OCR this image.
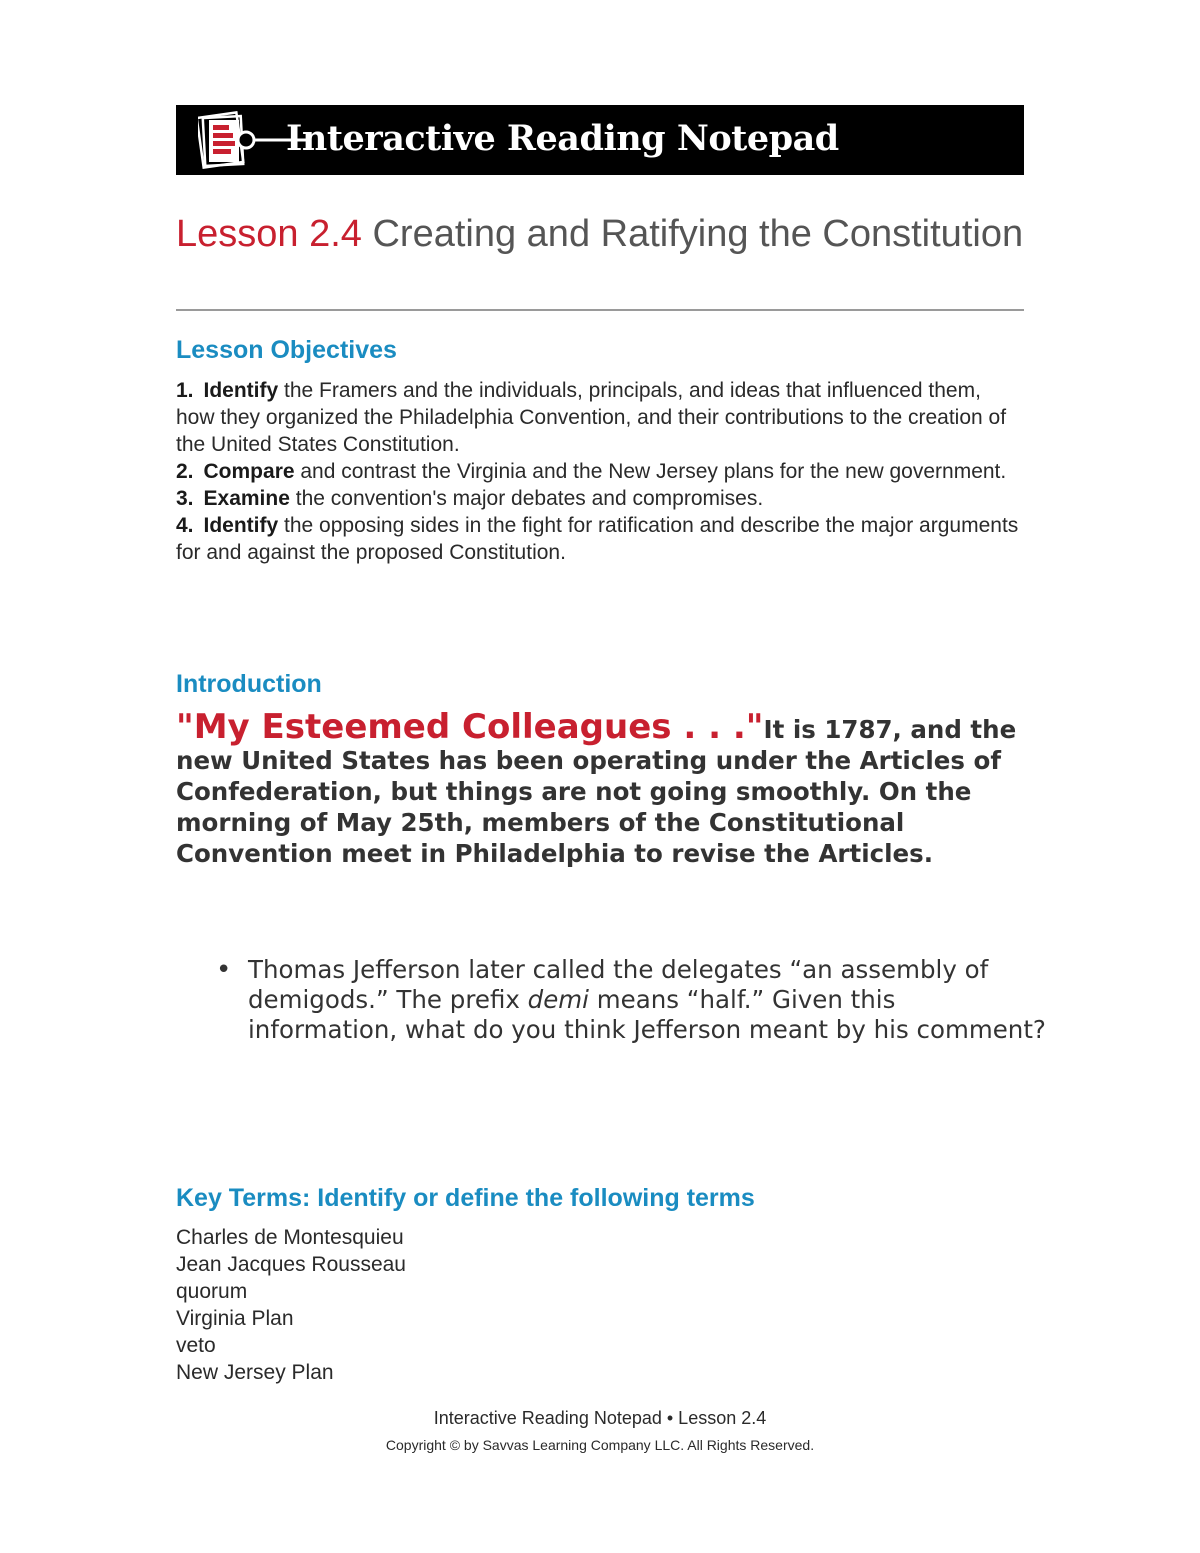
Interactive Reading Notepad
Lesson 2.4 Creating and Ratifying the Constitution
Lesson Objectives
1. Identify the Framers and the individuals, principals, and ideas that influenced them, how they organized the Philadelphia Convention, and their contributions to the creation of the United States Constitution.
2. Compare and contrast the Virginia and the New Jersey plans for the new government.
3. Examine the convention's major debates and compromises.
4. Identify the opposing sides in the fight for ratification and describe the major arguments for and against the proposed Constitution.
Introduction

"My Esteemed Colleagues . . ."It is 1787, and the new United States has been operating under the Articles of Confederation, but things are not going smoothly. On the morning of May 25th, members of the Constitutional Convention meet in Philadelphia to revise the Articles.

• Thomas Jefferson later called the delegates “an assembly of demigods.” The prefix demi means “half.” Given this information, what do you think Jefferson meant by his comment?
Key Terms: Identify or define the following terms
Charles de Montesquieu
Jean Jacques Rousseau
quorum
Virginia Plan
veto
New Jersey Plan
Interactive Reading Notepad • Lesson 2.4
Copyright © by Savvas Learning Company LLC. All Rights Reserved.
